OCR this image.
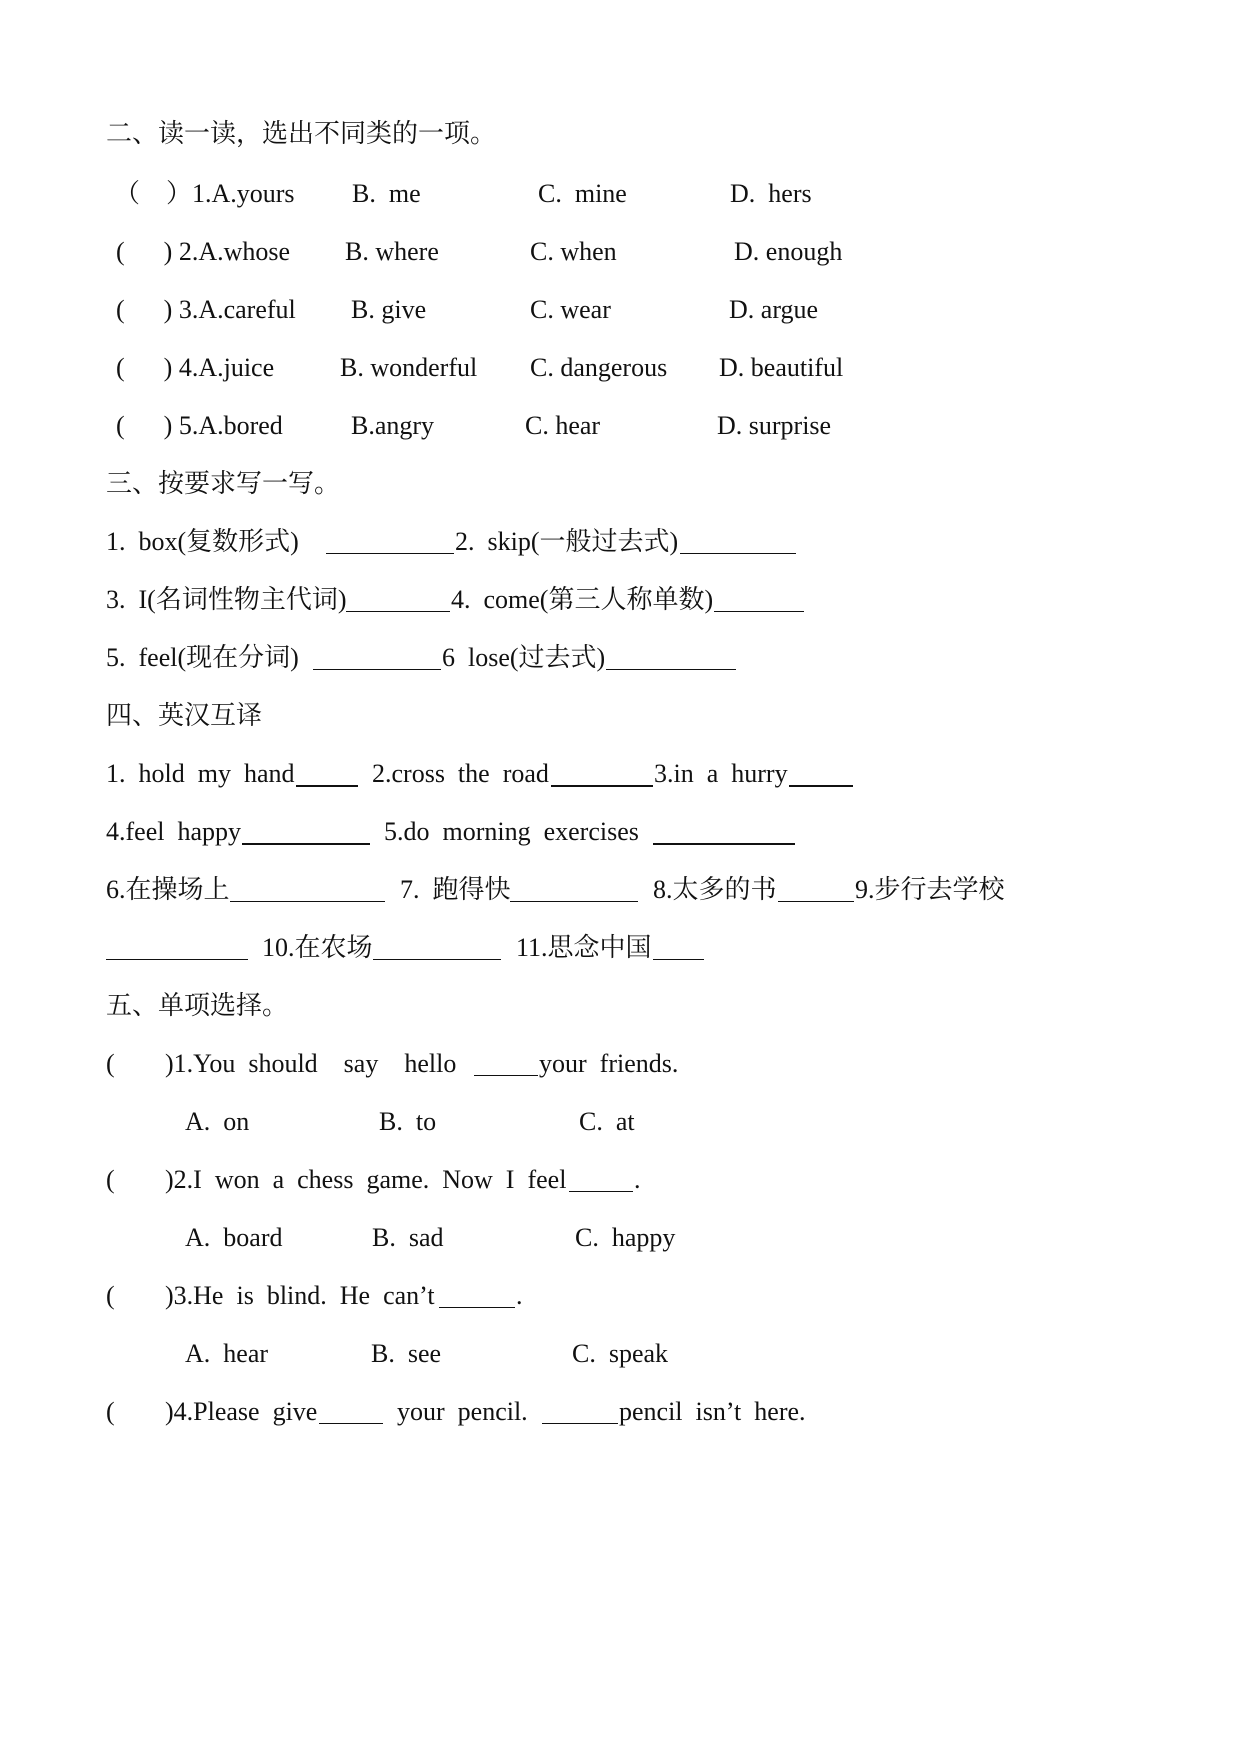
二、读一读，选出不同类的一项。

（　）1.A.yours

B.  me

	C.  mine

	D.  hers

(　  ) 2.A.whose

B. where

	C. when

	D. enough

(　  ) 3.A.careful

B. give

	C. wear

	D. argue

(　  ) 4.A.juice

	B. wonderful

C. dangerous

D. beautiful

(　  ) 5.A.bored

	B.angry

	C. hear

	D. surprise

三、按要求写一写。

1.  box(复数形式)

	2.  skip(一般过去式)

3.  I(名词性物主代词)

	4.  come(第三人称单数)

5.  feel(现在分词)

	6  lose(过去式)

四、英汉互译

1.  hold  my  hand

	2.cross  the  road

	3.in  a  hurry

4.feel  happy

	5.do  morning  exercises

6.在操场上

	7.  跑得快

	8.太多的书

	9.步行去学校

10.在农场

	11.思念中国

五、单项选择。

(

)1.You  should    say    hello

	your  friends.

A.  on

	B.  to

	C.  at

(

)2.I  won  a  chess  game.  Now  I  feel

	.

A.  board

	B.  sad

	C.  happy

(

)3.He  is  blind.  He  can’t

	.

A.  hear

	B.  see

	C.  speak

(

)4.Please  give

	your  pencil.

	pencil  isn’t  here.
